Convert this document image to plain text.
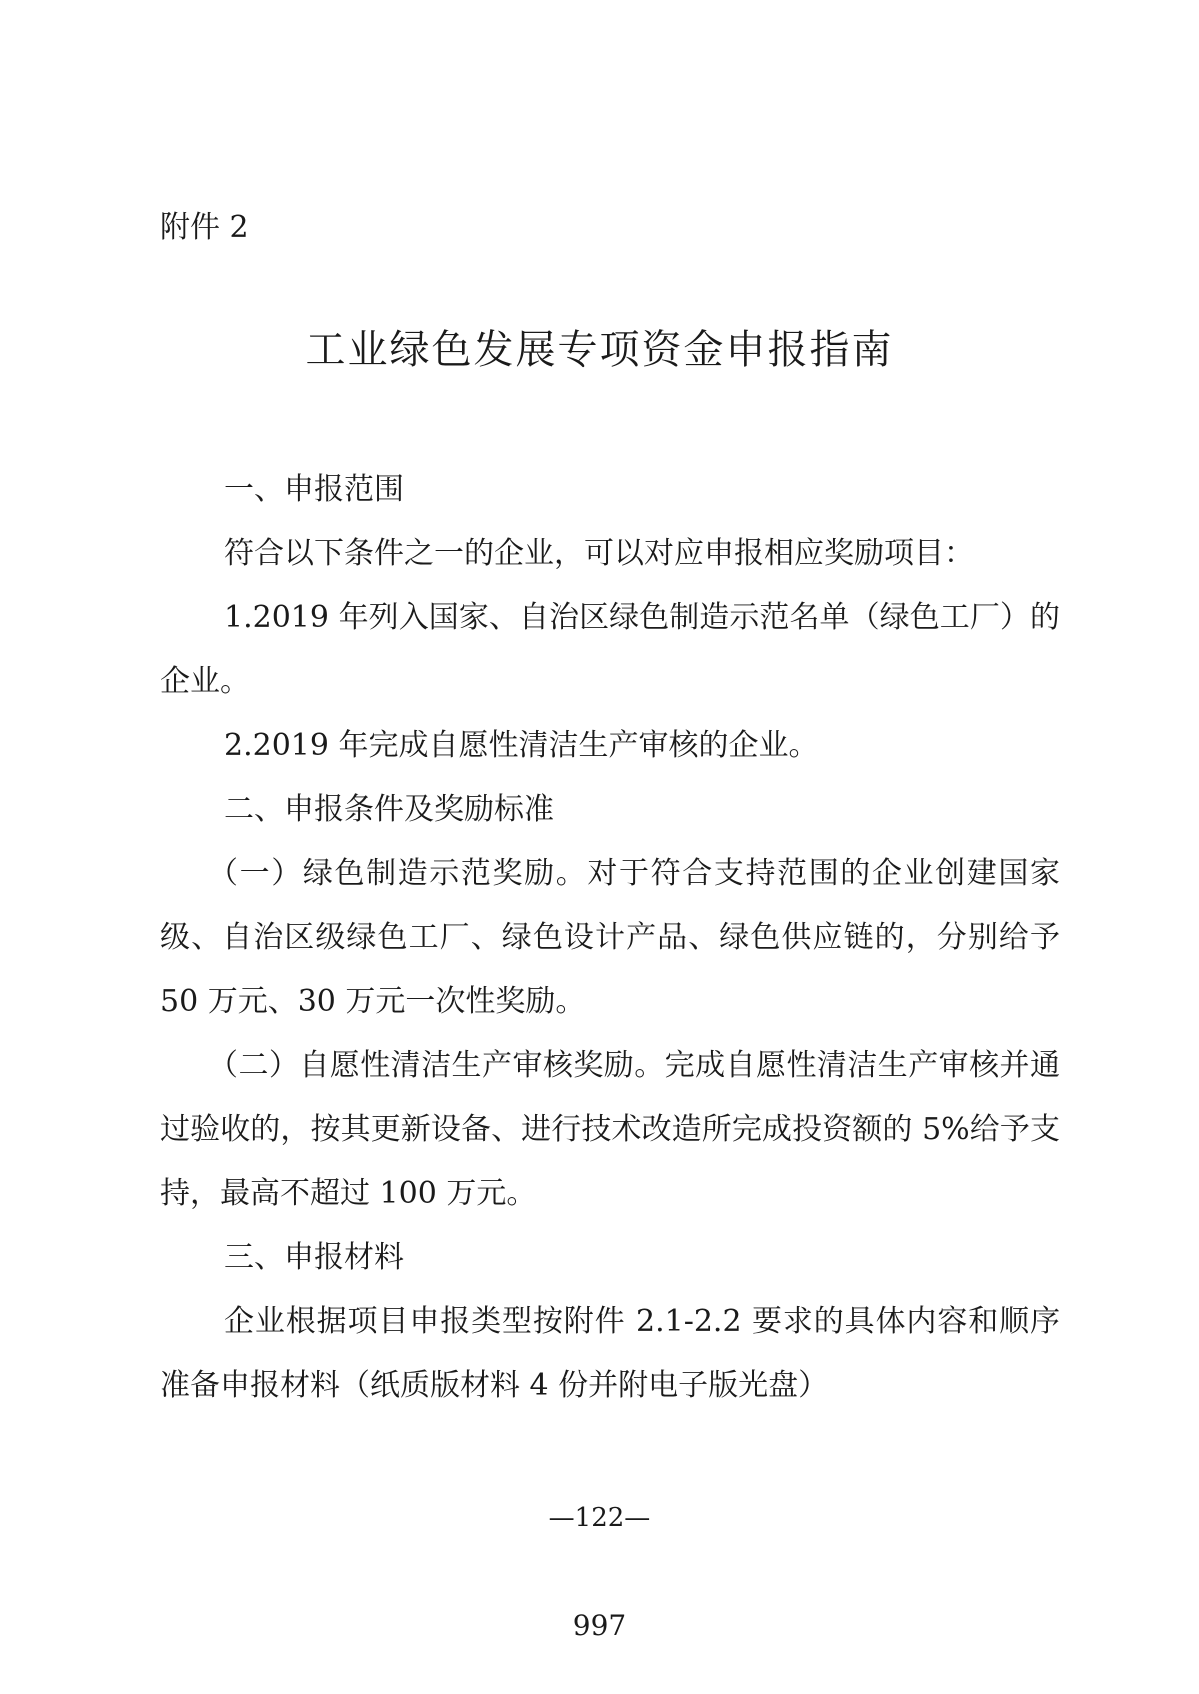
附件 2
工业绿色发展专项资金申报指南

一、申报范围

符合以下条件之一的企业，可以对应申报相应奖励项目：

1.2019 年列入国家、自治区绿色制造示范名单（绿色工厂）的企业。

2.2019 年完成自愿性清洁生产审核的企业。

二、申报条件及奖励标准

（一）绿色制造示范奖励。对于符合支持范围的企业创建国家级、自治区级绿色工厂、绿色设计产品、绿色供应链的，分别给予 50 万元、30 万元一次性奖励。

（二）自愿性清洁生产审核奖励。完成自愿性清洁生产审核并通过验收的，按其更新设备、进行技术改造所完成投资额的 5%给予支持，最高不超过 100 万元。

三、申报材料

企业根据项目申报类型按附件 2.1-2.2 要求的具体内容和顺序准备申报材料（纸质版材料 4 份并附电子版光盘）

—122—
997
